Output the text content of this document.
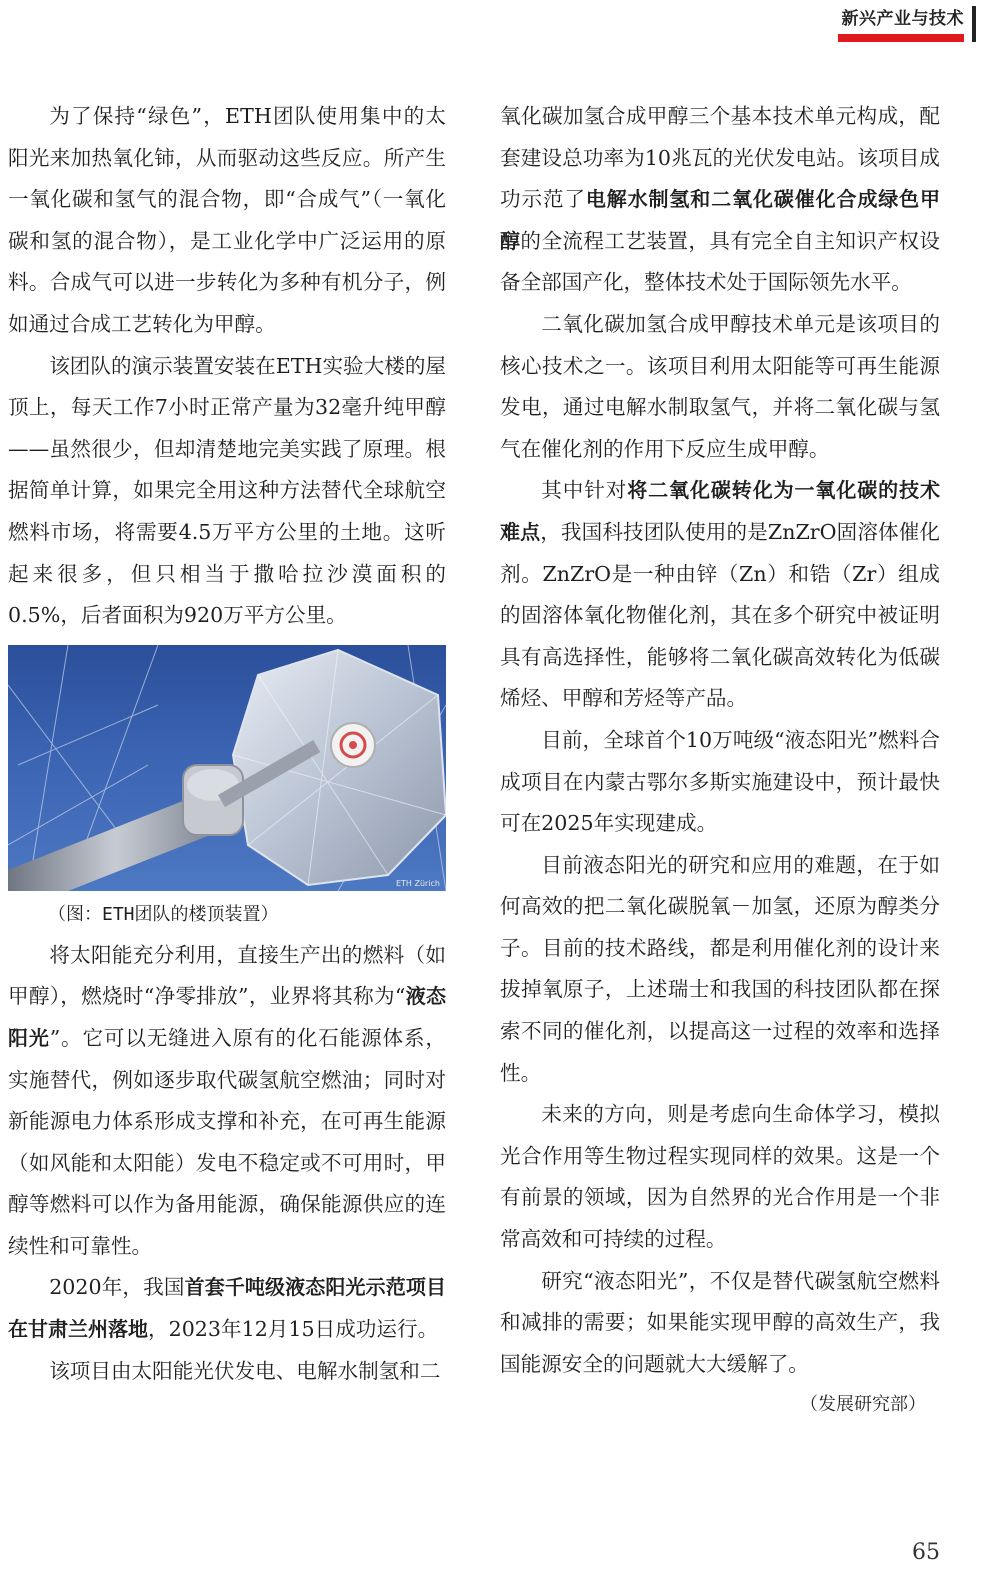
新兴产业与技术

为了保持“绿色”，ETH团队使用集中的太阳光来加热氧化铈，从而驱动这些反应。所产生一氧化碳和氢气的混合物，即“合成气”（一氧化碳和氢的混合物），是工业化学中广泛运用的原料。合成气可以进一步转化为多种有机分子，例如通过合成工艺转化为甲醇。

该团队的演示装置安装在ETH实验大楼的屋顶上，每天工作7小时正常产量为32毫升纯甲醇——虽然很少，但却清楚地完美实践了原理。根据简单计算，如果完全用这种方法替代全球航空燃料市场，将需要4.5万平方公里的土地。这听起来很多，但只相当于撒哈拉沙漠面积的0.5%，后者面积为920万平方公里。

ETH Zürich
（图：ETH团队的楼顶装置）

将太阳能充分利用，直接生产出的燃料（如甲醇），燃烧时“净零排放”，业界将其称为“液态阳光”。它可以无缝进入原有的化石能源体系，实施替代，例如逐步取代碳氢航空燃油；同时对新能源电力体系形成支撑和补充，在可再生能源（如风能和太阳能）发电不稳定或不可用时，甲醇等燃料可以作为备用能源，确保能源供应的连续性和可靠性。

2020年，我国首套千吨级液态阳光示范项目在甘肃兰州落地，2023年12月15日成功运行。

该项目由太阳能光伏发电、电解水制氢和二

氧化碳加氢合成甲醇三个基本技术单元构成，配套建设总功率为10兆瓦的光伏发电站。该项目成功示范了电解水制氢和二氧化碳催化合成绿色甲醇的全流程工艺装置，具有完全自主知识产权设备全部国产化，整体技术处于国际领先水平。

二氧化碳加氢合成甲醇技术单元是该项目的核心技术之一。该项目利用太阳能等可再生能源发电，通过电解水制取氢气，并将二氧化碳与氢气在催化剂的作用下反应生成甲醇。

其中针对将二氧化碳转化为一氧化碳的技术难点，我国科技团队使用的是ZnZrO固溶体催化剂。ZnZrO是一种由锌（Zn）和锆（Zr）组成的固溶体氧化物催化剂，其在多个研究中被证明具有高选择性，能够将二氧化碳高效转化为低碳烯烃、甲醇和芳烃等产品。

目前，全球首个10万吨级“液态阳光”燃料合成项目在内蒙古鄂尔多斯实施建设中，预计最快可在2025年实现建成。

目前液态阳光的研究和应用的难题，在于如何高效的把二氧化碳脱氧－加氢，还原为醇类分子。目前的技术路线，都是利用催化剂的设计来拔掉氧原子，上述瑞士和我国的科技团队都在探索不同的催化剂，以提高这一过程的效率和选择性。

未来的方向，则是考虑向生命体学习，模拟光合作用等生物过程实现同样的效果。这是一个有前景的领域，因为自然界的光合作用是一个非常高效和可持续的过程。

研究“液态阳光”，不仅是替代碳氢航空燃料和减排的需要；如果能实现甲醇的高效生产，我国能源安全的问题就大大缓解了。

（发展研究部）
65
